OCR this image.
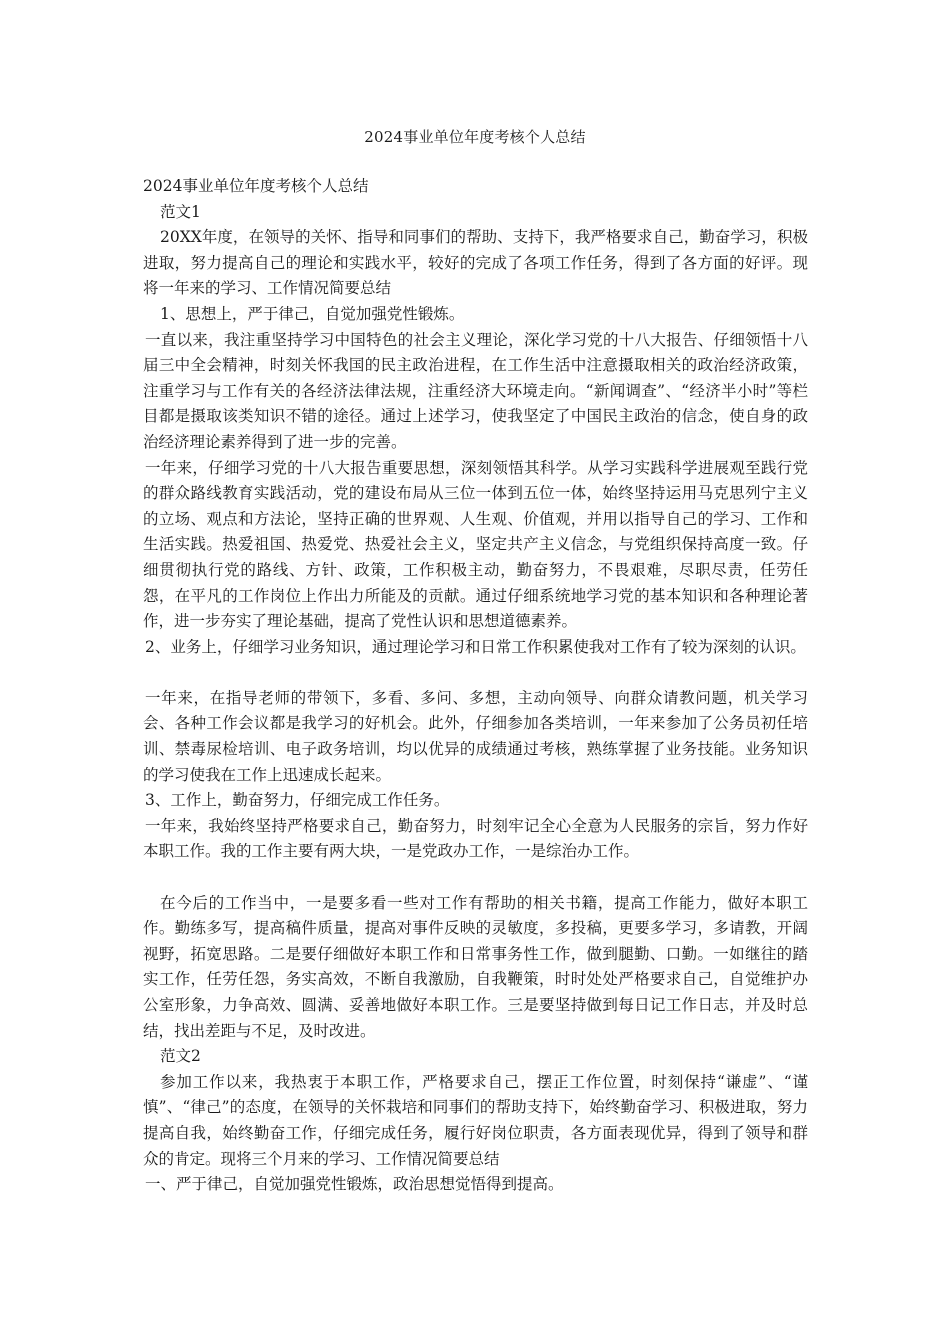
2024事业单位年度考核个人总结

2024事业单位年度考核个人总结

范文1

20XX年度，在领导的关怀、指导和同事们的帮助、支持下，我严格要求自己，勤奋学习，积极进取，努力提高自己的理论和实践水平，较好的完成了各项工作任务，得到了各方面的好评。现将一年来的学习、工作情况简要总结

1、思想上，严于律己，自觉加强党性锻炼。

一直以来，我注重坚持学习中国特色的社会主义理论，深化学习党的十八大报告、仔细领悟十八届三中全会精神，时刻关怀我国的民主政治进程，在工作生活中注意摄取相关的政治经济政策，注重学习与工作有关的各经济法律法规，注重经济大环境走向。“新闻调查”、“经济半小时”等栏目都是摄取该类知识不错的途径。通过上述学习，使我坚定了中国民主政治的信念，使自身的政治经济理论素养得到了进一步的完善。

一年来，仔细学习党的十八大报告重要思想，深刻领悟其科学。从学习实践科学进展观至践行党的群众路线教育实践活动，党的建设布局从三位一体到五位一体，始终坚持运用马克思列宁主义的立场、观点和方法论，坚持正确的世界观、人生观、价值观，并用以指导自己的学习、工作和生活实践。热爱祖国、热爱党、热爱社会主义，坚定共产主义信念，与党组织保持高度一致。仔细贯彻执行党的路线、方针、政策，工作积极主动，勤奋努力，不畏艰难，尽职尽责，任劳任怨，在平凡的工作岗位上作出力所能及的贡献。通过仔细系统地学习党的基本知识和各种理论著作，进一步夯实了理论基础，提高了党性认识和思想道德素养。

2、业务上，仔细学习业务知识，通过理论学习和日常工作积累使我对工作有了较为深刻的认识。

一年来，在指导老师的带领下，多看、多问、多想，主动向领导、向群众请教问题，机关学习会、各种工作会议都是我学习的好机会。此外，仔细参加各类培训，一年来参加了公务员初任培训、禁毒尿检培训、电子政务培训，均以优异的成绩通过考核，熟练掌握了业务技能。业务知识的学习使我在工作上迅速成长起来。

3、工作上，勤奋努力，仔细完成工作任务。

一年来，我始终坚持严格要求自己，勤奋努力，时刻牢记全心全意为人民服务的宗旨，努力作好本职工作。我的工作主要有两大块，一是党政办工作，一是综治办工作。

在今后的工作当中，一是要多看一些对工作有帮助的相关书籍，提高工作能力，做好本职工作。勤练多写，提高稿件质量，提高对事件反映的灵敏度，多投稿，更要多学习，多请教，开阔视野，拓宽思路。二是要仔细做好本职工作和日常事务性工作，做到腿勤、口勤。一如继往的踏实工作，任劳任怨，务实高效，不断自我激励，自我鞭策，时时处处严格要求自己，自觉维护办公室形象，力争高效、圆满、妥善地做好本职工作。三是要坚持做到每日记工作日志，并及时总结，找出差距与不足，及时改进。

范文2

参加工作以来，我热衷于本职工作，严格要求自己，摆正工作位置，时刻保持“谦虚”、“谨慎”、“律己”的态度，在领导的关怀栽培和同事们的帮助支持下，始终勤奋学习、积极进取，努力提高自我，始终勤奋工作，仔细完成任务，履行好岗位职责，各方面表现优异，得到了领导和群众的肯定。现将三个月来的学习、工作情况简要总结

一、严于律己，自觉加强党性锻炼，政治思想觉悟得到提高。
